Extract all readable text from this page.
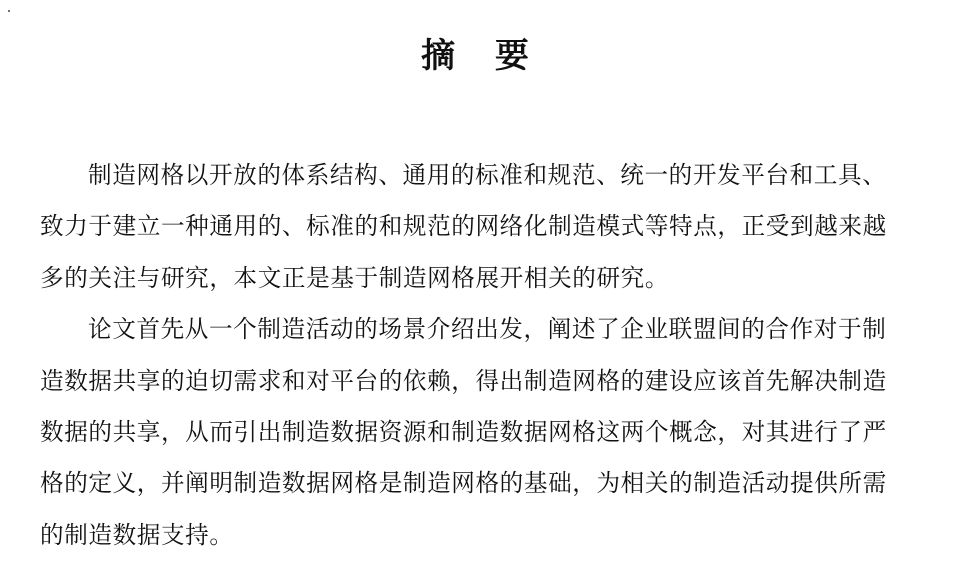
摘 要
制造网格以开放的体系结构、通用的标准和规范、统一的开发平台和工具、
致力于建立一种通用的、标准的和规范的网络化制造模式等特点，正受到越来越
多的关注与研究，本文正是基于制造网格展开相关的研究。
论文首先从一个制造活动的场景介绍出发，阐述了企业联盟间的合作对于制
造数据共享的迫切需求和对平台的依赖，得出制造网格的建设应该首先解决制造
数据的共享，从而引出制造数据资源和制造数据网格这两个概念，对其进行了严
格的定义，并阐明制造数据网格是制造网格的基础，为相关的制造活动提供所需
的制造数据支持。
